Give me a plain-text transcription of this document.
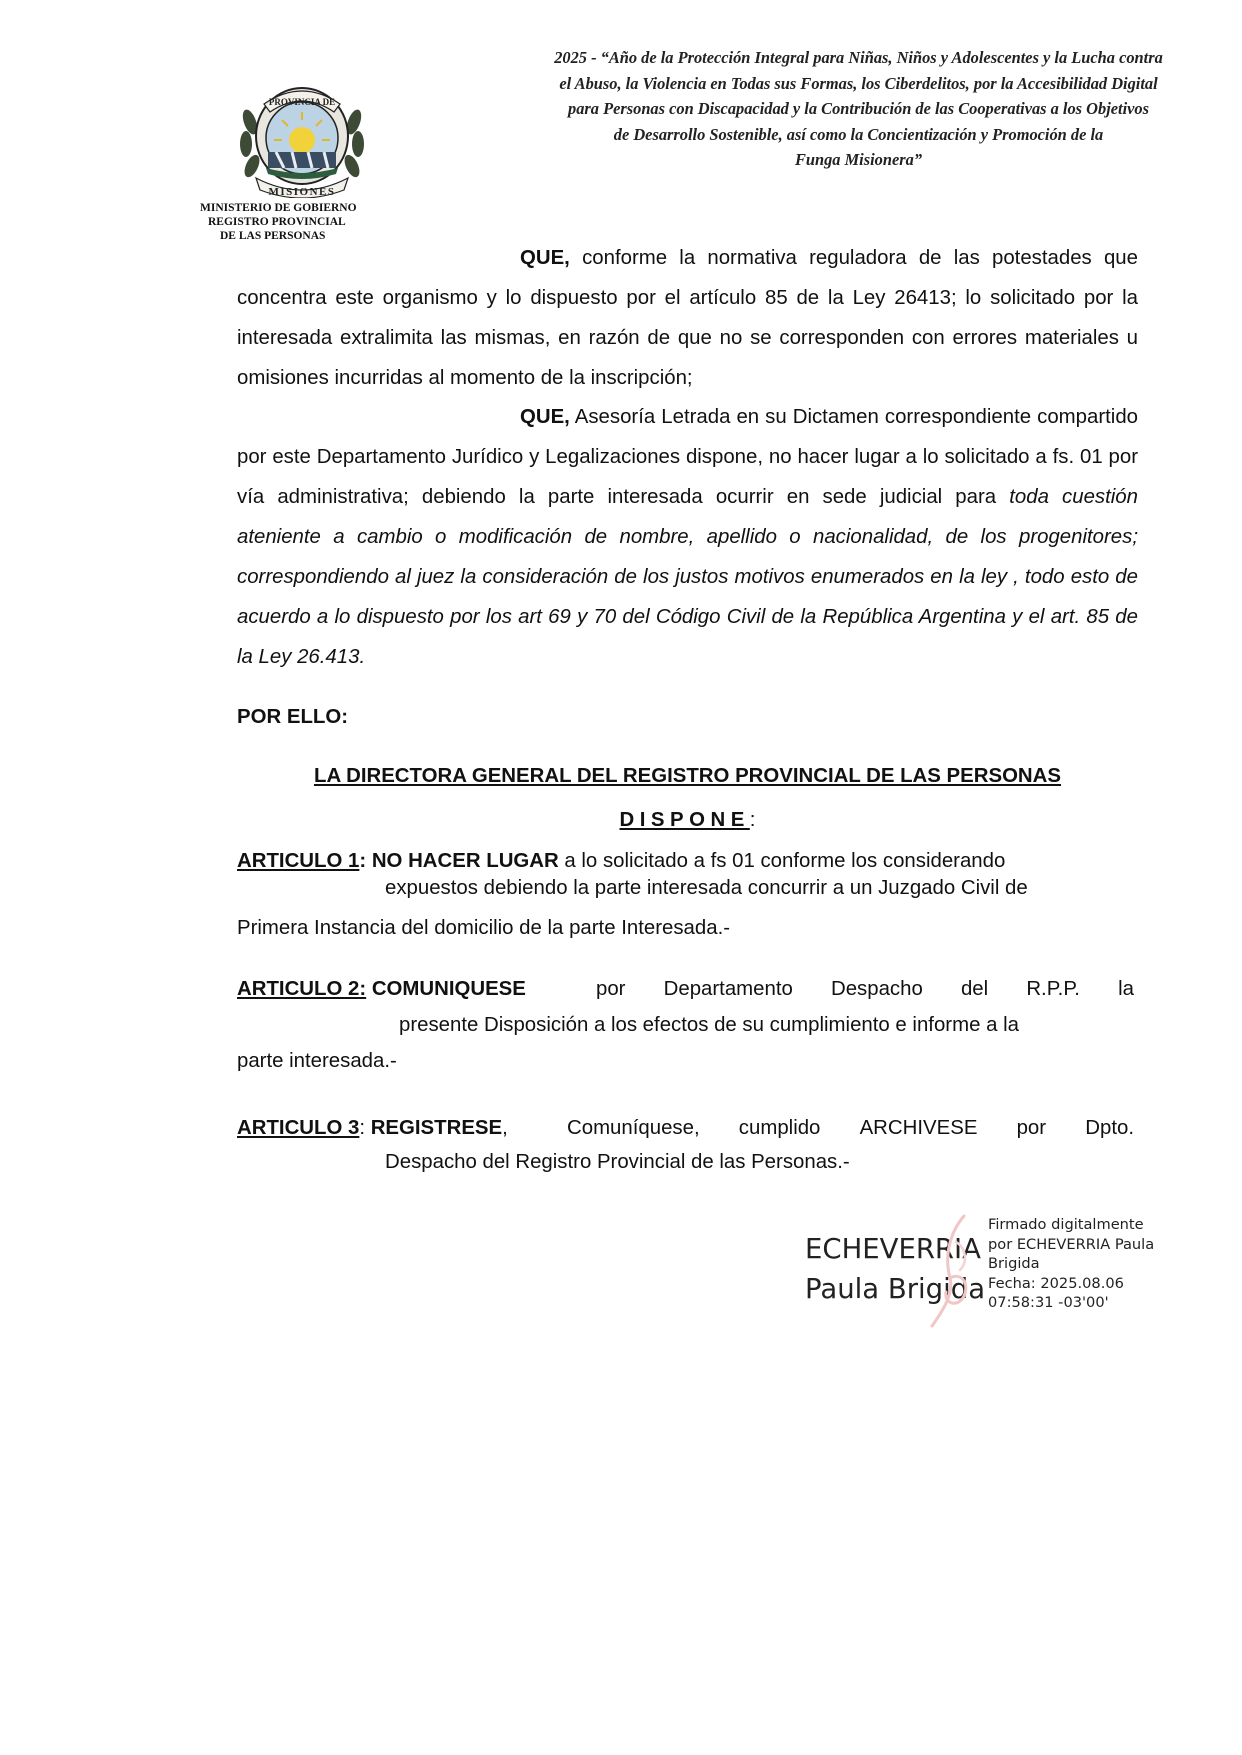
PROVINCIA DE
MISIONES
MINISTERIO DE GOBIERNO
REGISTRO PROVINCIAL
DE LAS PERSONAS
2025 - “Año de la Protección Integral para Niñas, Niños y Adolescentes y la Lucha contra
el Abuso, la Violencia en Todas sus Formas, los Ciberdelitos, por la Accesibilidad Digital
para Personas con Discapacidad y la Contribución de las Cooperativas a los Objetivos
de Desarrollo Sostenible, así como la Concientización y Promoción de la
Funga Misionera”

QUE, conforme la normativa reguladora de las potestades que concentra este organismo y lo dispuesto por el artículo 85 de la Ley 26413; lo solicitado por la interesada extralimita las mismas, en razón de que no se corresponden con errores materiales u omisiones incurridas al momento de la inscripción;

QUE, Asesoría Letrada en su Dictamen correspondiente compartido por este Departamento Jurídico y Legalizaciones dispone, no hacer lugar a lo solicitado a fs. 01 por vía administrativa; debiendo la parte interesada ocurrir en sede judicial para toda cuestión ateniente a cambio o modificación de nombre, apellido o nacionalidad, de los progenitores; correspondiendo al juez la consideración de los justos motivos enumerados en la ley , todo esto de acuerdo a lo dispuesto por los art 69 y 70 del Código Civil de la República Argentina y el art. 85 de la Ley 26.413.

POR ELLO:
LA DIRECTORA GENERAL DEL REGISTRO PROVINCIAL DE LAS PERSONAS
DISPONE:
ARTICULO 1: NO HACER LUGAR a lo solicitado a fs 01 conforme los considerando
expuestos debiendo la parte interesada concurrir a un Juzgado Civil de
Primera Instancia del domicilio de la parte Interesada.-
ARTICULO 2: COMUNIQUESE	por Departamento Despacho del R.P.P. la
presente Disposición a los efectos de su cumplimiento e informe a la
parte interesada.-
ARTICULO 3: REGISTRESE,	Comuníquese, cumplido ARCHIVESE por Dpto.
Despacho del Registro Provincial de las Personas.-
ECHEVERRIA
Paula Brigida
Firmado digitalmente
por ECHEVERRIA Paula
Brigida
Fecha: 2025.08.06
07:58:31 -03'00'
